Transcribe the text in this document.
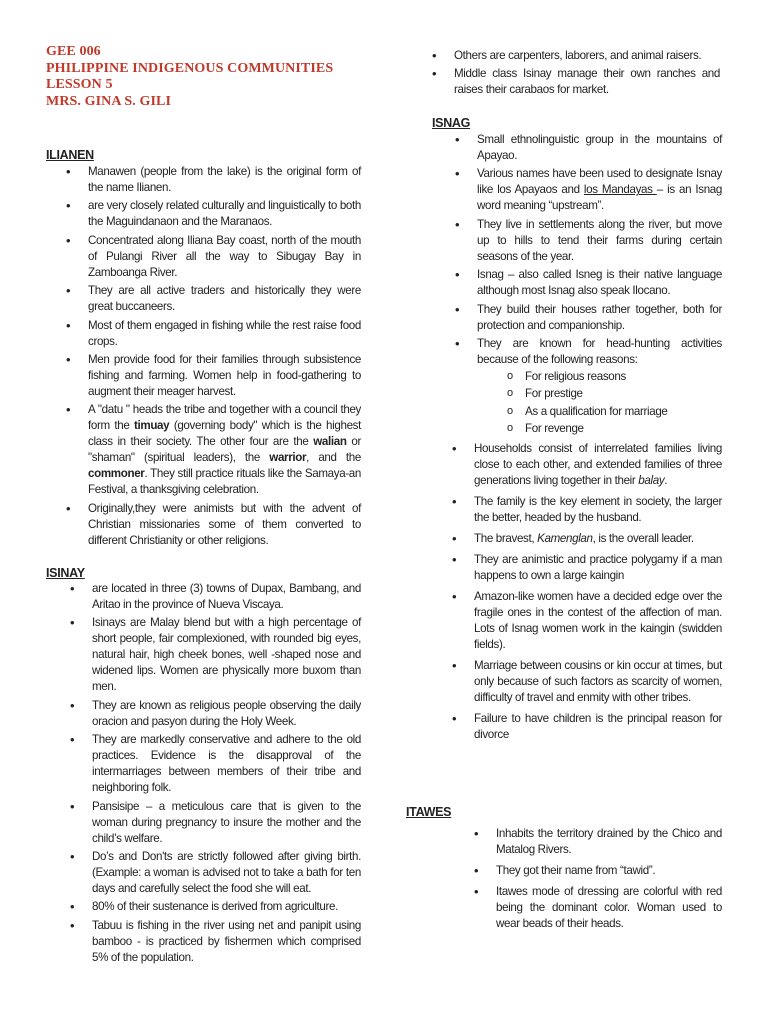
GEE 006
PHILIPPINE INDIGENOUS COMMUNITIES
LESSON 5
MRS. GINA S. GILI
ILIANEN
• Manawen (people from the lake) is the original form of the name Ilianen.
• are very closely related culturally and linguistically to both the Maguindanaon and the Maranaos.
• Concentrated along Iliana Bay coast, north of the mouth of Pulangi River all the way to Sibugay Bay in Zamboanga River.
• They are all active traders and historically they were great buccaneers.
• Most of them engaged in fishing while the rest raise food crops.
• Men provide food for their families through subsistence fishing and farming. Women help in food-gathering to augment their meager harvest.
• A "datu " heads the tribe and together with a council they form the timuay (governing body" which is the highest class in their society. The other four are the walian or "shaman" (spiritual leaders), the warrior, and the commoner. They still practice rituals like the Samaya-an Festival, a thanksgiving celebration.
• Originally,they were animists but with the advent of Christian missionaries some of them converted to different Christianity or other religions.
ISINAY
• are located in three (3) towns of Dupax, Bambang, and Aritao in the province of Nueva Viscaya.
• Isinays are Malay blend but with a high percentage of short people, fair complexioned, with rounded big eyes, natural hair, high cheek bones, well -shaped nose and widened lips. Women are physically more buxom than men.
• They are known as religious people observing the daily oracion and pasyon during the Holy Week.
• They are markedly conservative and adhere to the old practices. Evidence is the disapproval of the intermarriages between members of their tribe and neighboring folk.
• Pansisipe – a meticulous care that is given to the woman during pregnancy to insure the mother and the child’s welfare.
• Do’s and Don'ts are strictly followed after giving birth. (Example: a woman is advised not to take a bath for ten days and carefully select the food she will eat.
• 80% of their sustenance is derived from agriculture.
• Tabuu is fishing in the river using net and panipit using bamboo - is practiced by fishermen which comprised 5% of the population.
• Others are carpenters, laborers, and animal raisers.
• Middle class Isinay manage their own ranches and raises their carabaos for market.
ISNAG
• Small ethnolinguistic group in the mountains of Apayao.
• Various names have been used to designate Isnay like los Apayaos and los Mandayas – is an Isnag word meaning “upstream”.
• They live in settlements along the river, but move up to hills to tend their farms during certain seasons of the year.
• Isnag – also called Isneg is their native language although most Isnag also speak Ilocano.
• They build their houses rather together, both for protection and companionship.
• They are known for head-hunting activities because of the following reasons:
o For religious reasons
o For prestige
o As a qualification for marriage
o For revenge
• Households consist of interrelated families living close to each other, and extended families of three generations living together in their balay.
• The family is the key element in society, the larger the better, headed by the husband.
• The bravest, Kamenglan, is the overall leader.
• They are animistic and practice polygamy if a man happens to own a large kaingin
• Amazon-like women have a decided edge over the fragile ones in the contest of the affection of man. Lots of Isnag women work in the kaingin (swidden fields).
• Marriage between cousins or kin occur at times, but only because of such factors as scarcity of women, difficulty of travel and enmity with other tribes.
• Failure to have children is the principal reason for divorce
ITAWES
• Inhabits the territory drained by the Chico and Matalog Rivers.
• They got their name from “tawid”.
• Itawes mode of dressing are colorful with red being the dominant color. Woman used to wear beads of their heads.
